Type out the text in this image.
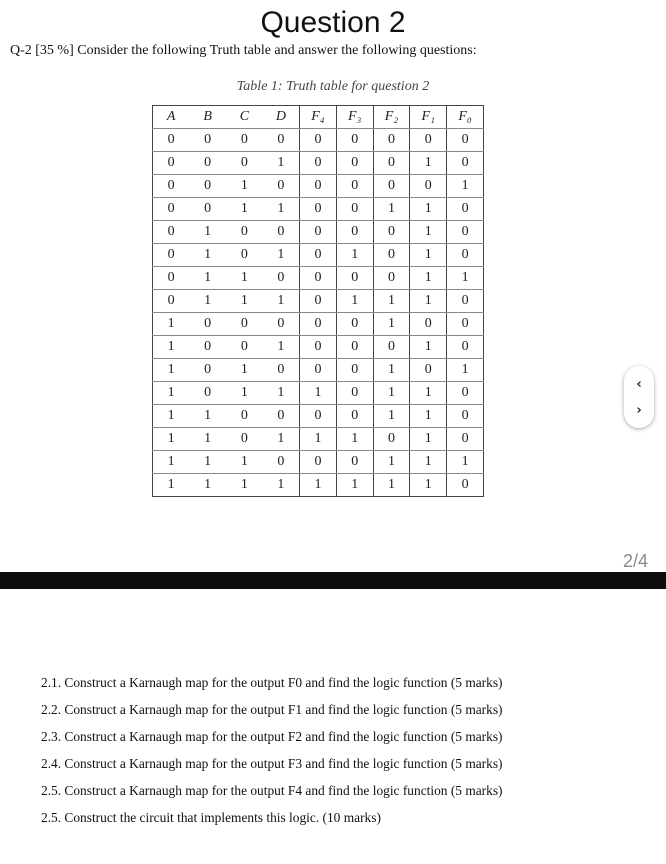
Question 2
Q-2 [35 %] Consider the following Truth table and answer the following questions:
Table 1: Truth table for question 2
A	B	C	D	F₄	F₃	F₂	F₁	F₀
0	0	0	0	0	0	0	0	0
0	0	0	1	0	0	0	1	0
0	0	1	0	0	0	0	0	1
0	0	1	1	0	0	1	1	0
0	1	0	0	0	0	0	1	0
0	1	0	1	0	1	0	1	0
0	1	1	0	0	0	0	1	1
0	1	1	1	0	1	1	1	0
1	0	0	0	0	0	1	0	0
1	0	0	1	0	0	0	1	0
1	0	1	0	0	0	1	0	1
1	0	1	1	1	0	1	1	0
1	1	0	0	0	0	1	1	0
1	1	0	1	1	1	0	1	0
1	1	1	0	0	0	1	1	1
1	1	1	1	1	1	1	1	0
‹
›
2/4
2.1. Construct a Karnaugh map for the output F0 and find the logic function (5 marks)
2.2. Construct a Karnaugh map for the output F1 and find the logic function (5 marks)
2.3. Construct a Karnaugh map for the output F2 and find the logic function (5 marks)
2.4. Construct a Karnaugh map for the output F3 and find the logic function (5 marks)
2.5. Construct a Karnaugh map for the output F4 and find the logic function (5 marks)
2.5. Construct the circuit that implements this logic. (10 marks)
